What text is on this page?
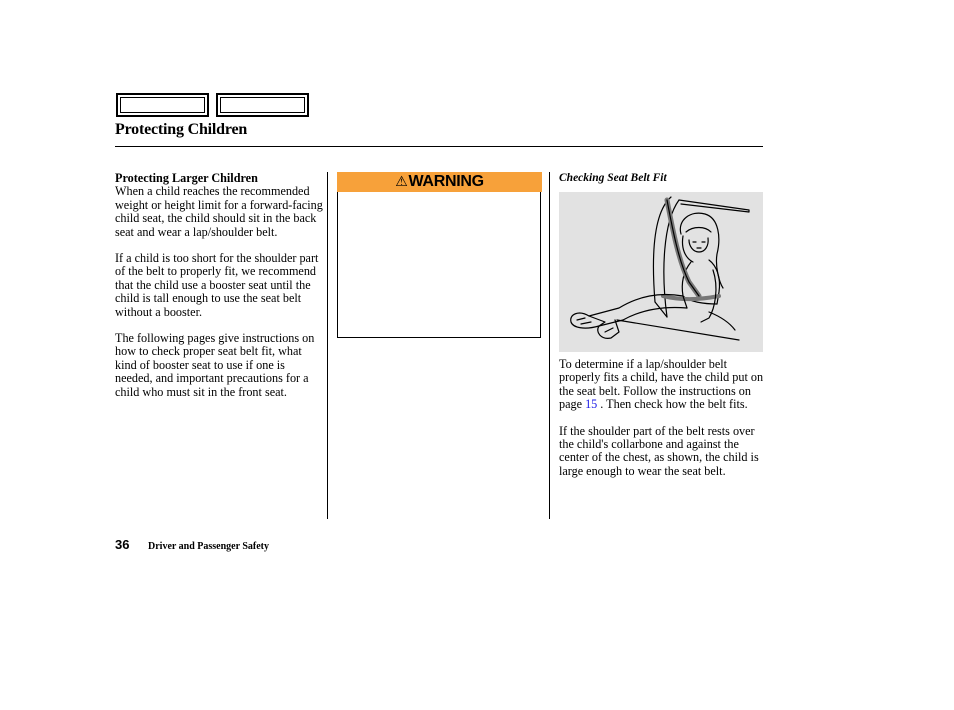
Protecting Children
Protecting Larger Children

When a child reaches the recommended weight or height limit for a forward-facing child seat, the child should sit in the back seat and wear a lap/shoulder belt.

If a child is too short for the shoulder part of the belt to properly fit, we recommend that the child use a booster seat until the child is tall enough to use the seat belt without a booster.

The following pages give instructions on how to check proper seat belt fit, what kind of booster seat to use if one is needed, and important precautions for a child who must sit in the front seat.

⚠WARNING	Checking Seat Belt Fit

To determine if a lap/shoulder belt properly fits a child, have the child put on the seat belt. Follow the instructions on page 15 . Then check how the belt fits.

If the shoulder part of the belt rests over the child's collarbone and against the center of the chest, as shown, the child is large enough to wear the seat belt.

36 Driver and Passenger Safety
